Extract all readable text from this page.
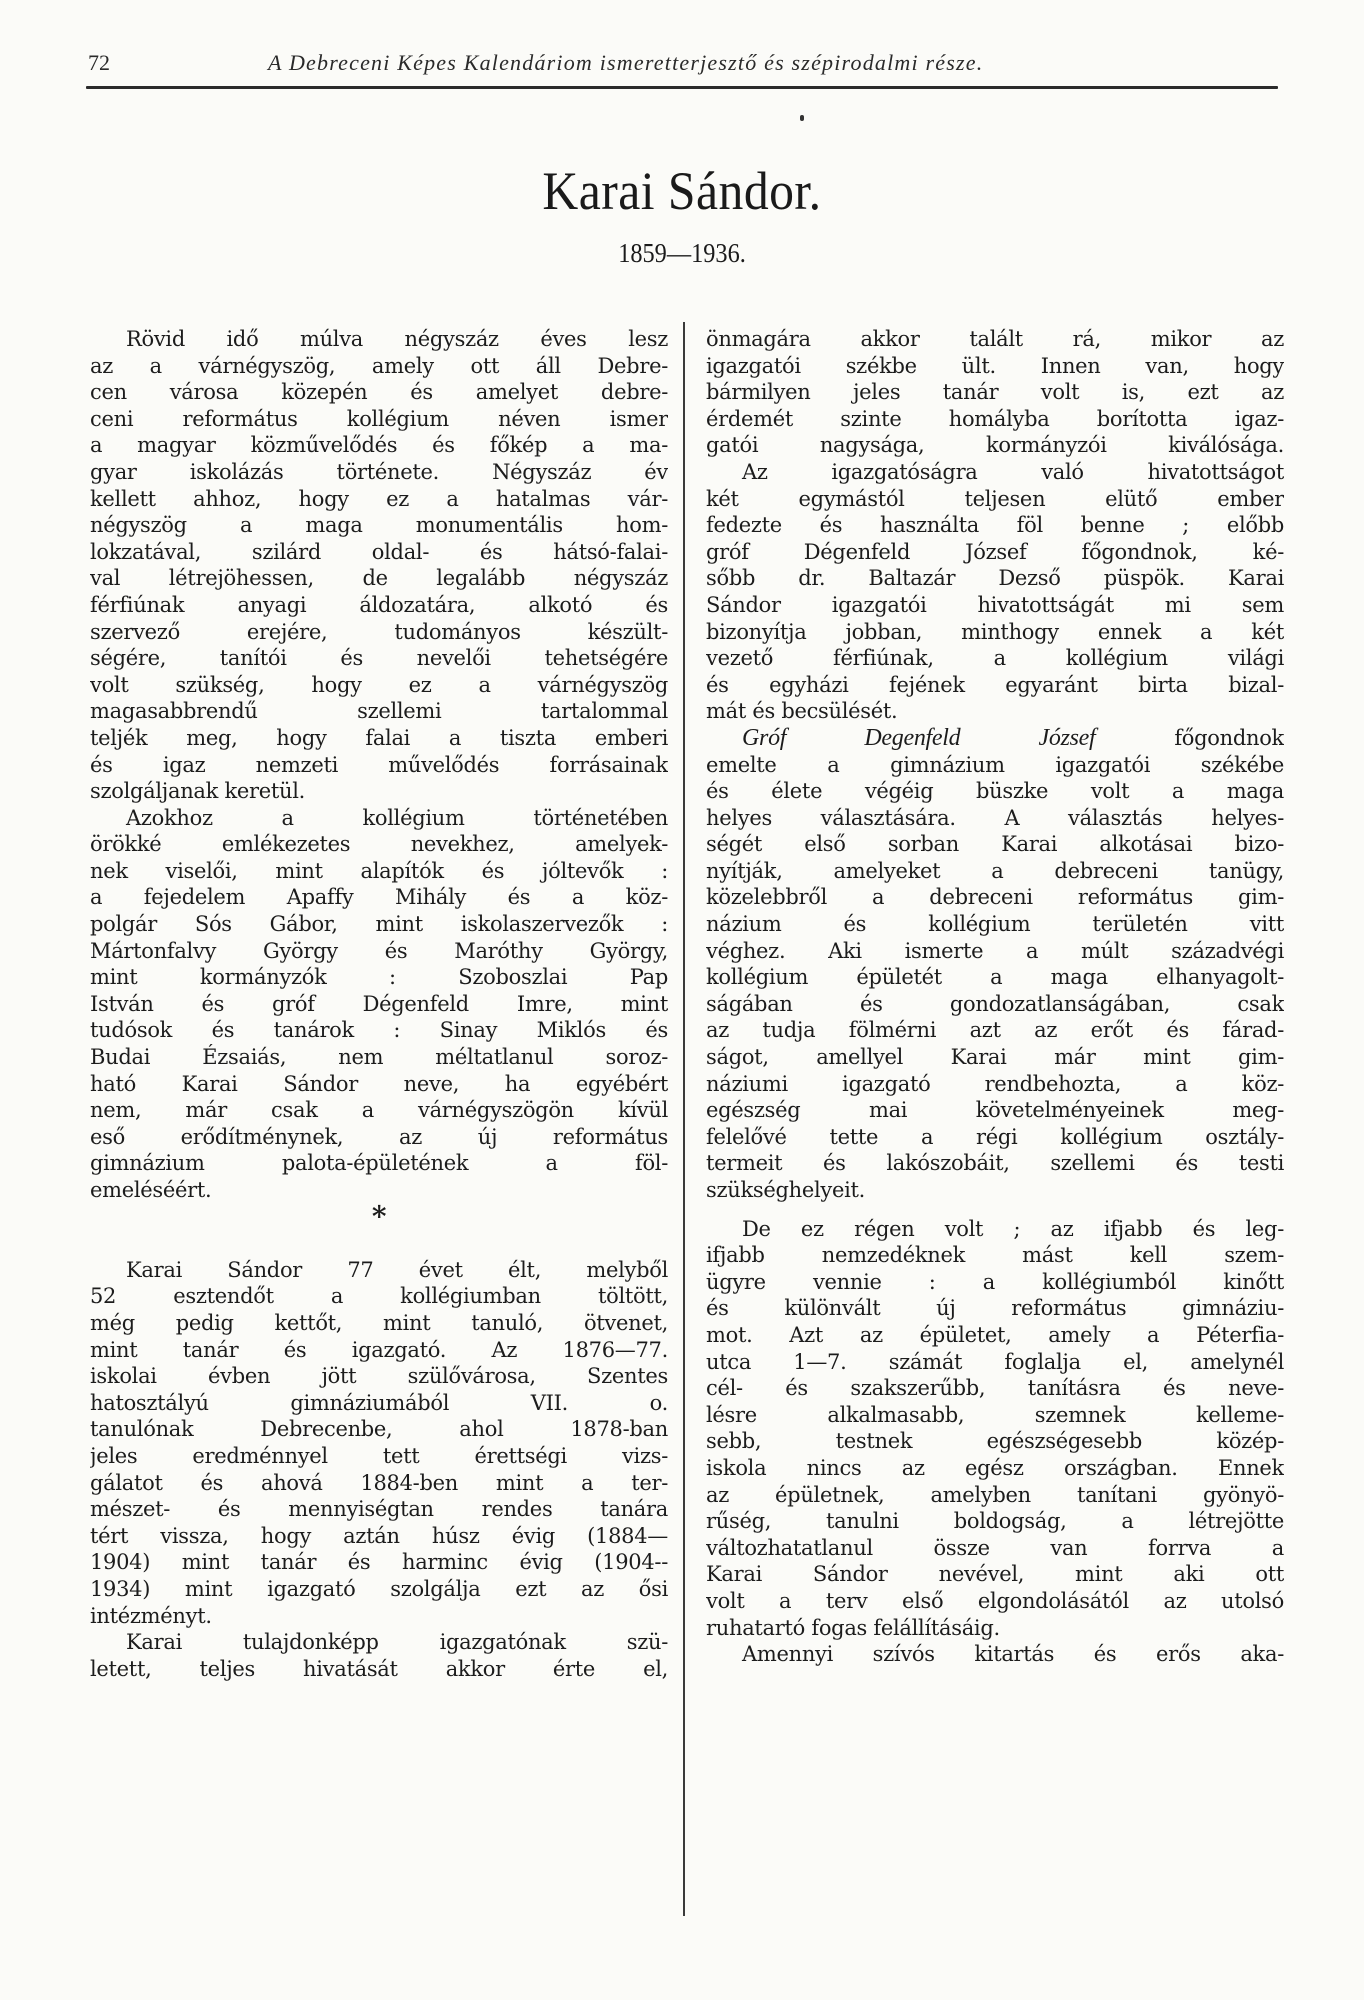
72	A Debreceni Képes Kalendáriom ismeretterjesztő és szépirodalmi része.
Karai Sándor.
1859—1936.
Rövid idő múlva négyszáz éves lesz
az a várnégyszög, amely ott áll Debre-
cen városa közepén és amelyet debre-
ceni református kollégium néven ismer
a magyar közművelődés és főkép a ma-
gyar iskolázás története. Négyszáz év
kellett ahhoz, hogy ez a hatalmas vár-
négyszög a maga monumentális hom-
lokzatával, szilárd oldal- és hátsó-falai-
val létrejöhessen, de legalább négyszáz
férfiúnak anyagi áldozatára, alkotó és
szervező erejére, tudományos készült-
ségére, tanítói és nevelői tehetségére
volt szükség, hogy ez a várnégyszög
magasabbrendű szellemi tartalommal
teljék meg, hogy falai a tiszta emberi
és igaz nemzeti művelődés forrásainak
szolgáljanak keretül.
Azokhoz a kollégium történetében
örökké emlékezetes nevekhez, amelyek-
nek viselői, mint alapítók és jóltevők :
a fejedelem Apaffy Mihály és a köz-
polgár Sós Gábor, mint iskolaszervezők :
Mártonfalvy György és Maróthy György,
mint kormányzók : Szoboszlai Pap
István és gróf Dégenfeld Imre, mint
tudósok és tanárok : Sinay Miklós és
Budai Ézsaiás, nem méltatlanul soroz-
ható Karai Sándor neve, ha egyébért
nem, már csak a várnégyszögön kívül
eső erődítménynek, az új református
gimnázium palota-épületének a föl-
emeléséért.
*
Karai Sándor 77 évet élt, melyből
52 esztendőt a kollégiumban töltött,
még pedig kettőt, mint tanuló, ötvenet,
mint tanár és igazgató. Az 1876—77.
iskolai évben jött szülővárosa, Szentes
hatosztályú gimnáziumából VII. o.
tanulónak Debrecenbe, ahol 1878-ban
jeles eredménnyel tett érettségi vizs-
gálatot és ahová 1884-ben mint a ter-
mészet- és mennyiségtan rendes tanára
tért vissza, hogy aztán húsz évig (1884—
1904) mint tanár és harminc évig (1904--
1934) mint igazgató szolgálja ezt az ősi
intézményt.
Karai tulajdonképp igazgatónak szü-
letett, teljes hivatását akkor érte el,
önmagára akkor talált rá, mikor az
igazgatói székbe ült. Innen van, hogy
bármilyen jeles tanár volt is, ezt az
érdemét szinte homályba borította igaz-
gatói nagysága, kormányzói kiválósága.
Az igazgatóságra való hivatottságot
két egymástól teljesen elütő ember
fedezte és használta föl benne ; előbb
gróf Dégenfeld József főgondnok, ké-
sőbb dr. Baltazár Dezső püspök. Karai
Sándor igazgatói hivatottságát mi sem
bizonyítja jobban, minthogy ennek a két
vezető férfiúnak, a kollégium világi
és egyházi fejének egyaránt birta bizal-
mát és becsülését.
Gróf Degenfeld József főgondnok
emelte a gimnázium igazgatói székébe
és élete végéig büszke volt a maga
helyes választására. A választás helyes-
ségét első sorban Karai alkotásai bizo-
nyítják, amelyeket a debreceni tanügy,
közelebbről a debreceni református gim-
názium és kollégium területén vitt
véghez. Aki ismerte a múlt századvégi
kollégium épületét a maga elhanyagolt-
ságában és gondozatlanságában, csak
az tudja fölmérni azt az erőt és fárad-
ságot, amellyel Karai már mint gim-
náziumi igazgató rendbehozta, a köz-
egészség mai követelményeinek meg-
felelővé tette a régi kollégium osztály-
termeit és lakószobáit, szellemi és testi
szükséghelyeit.
De ez régen volt ; az ifjabb és leg-
ifjabb nemzedéknek mást kell szem-
ügyre vennie : a kollégiumból kinőtt
és különvált új református gimnáziu-
mot. Azt az épületet, amely a Péterfia-
utca 1—7. számát foglalja el, amelynél
cél- és szakszerűbb, tanításra és neve-
lésre alkalmasabb, szemnek kelleme-
sebb, testnek egészségesebb közép-
iskola nincs az egész országban. Ennek
az épületnek, amelyben tanítani gyönyö-
rűség, tanulni boldogság, a létrejötte
változhatatlanul össze van forrva a
Karai Sándor nevével, mint aki ott
volt a terv első elgondolásától az utolsó
ruhatartó fogas felállításáig.
Amennyi szívós kitartás és erős aka-
